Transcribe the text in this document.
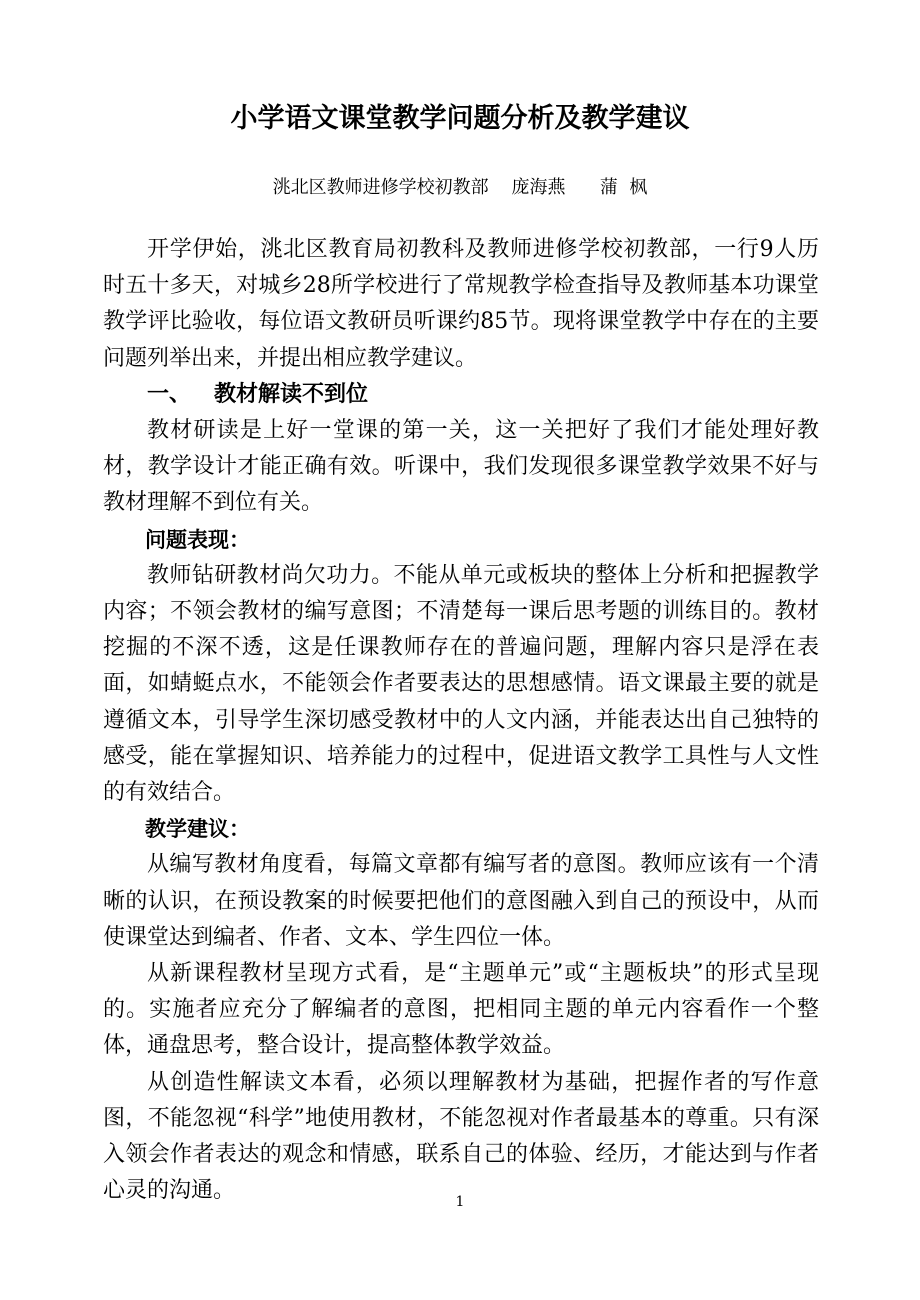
小学语文课堂教学问题分析及教学建议

洮北区教师进修学校初教部    庞海燕      蒲  枫

开学伊始，洮北区教育局初教科及教师进修学校初教部，一行9人历时五十多天，对城乡28所学校进行了常规教学检查指导及教师基本功课堂教学评比验收，每位语文教研员听课约85节。现将课堂教学中存在的主要问题列举出来，并提出相应教学建议。

一、   教材解读不到位

教材研读是上好一堂课的第一关，这一关把好了我们才能处理好教材，教学设计才能正确有效。听课中，我们发现很多课堂教学效果不好与教材理解不到位有关。

问题表现：

教师钻研教材尚欠功力。不能从单元或板块的整体上分析和把握教学内容；不领会教材的编写意图；不清楚每一课后思考题的训练目的。教材挖掘的不深不透，这是任课教师存在的普遍问题，理解内容只是浮在表面，如蜻蜓点水，不能领会作者要表达的思想感情。语文课最主要的就是遵循文本，引导学生深切感受教材中的人文内涵，并能表达出自己独特的感受，能在掌握知识、培养能力的过程中，促进语文教学工具性与人文性的有效结合。

教学建议：

从编写教材角度看，每篇文章都有编写者的意图。教师应该有一个清晰的认识，在预设教案的时候要把他们的意图融入到自己的预设中，从而使课堂达到编者、作者、文本、学生四位一体。

从新课程教材呈现方式看，是“主题单元”或“主题板块”的形式呈现的。实施者应充分了解编者的意图，把相同主题的单元内容看作一个整体，通盘思考，整合设计，提高整体教学效益。

从创造性解读文本看，必须以理解教材为基础，把握作者的写作意图，不能忽视“科学”地使用教材，不能忽视对作者最基本的尊重。只有深入领会作者表达的观念和情感，联系自己的体验、经历，才能达到与作者心灵的沟通。	1
